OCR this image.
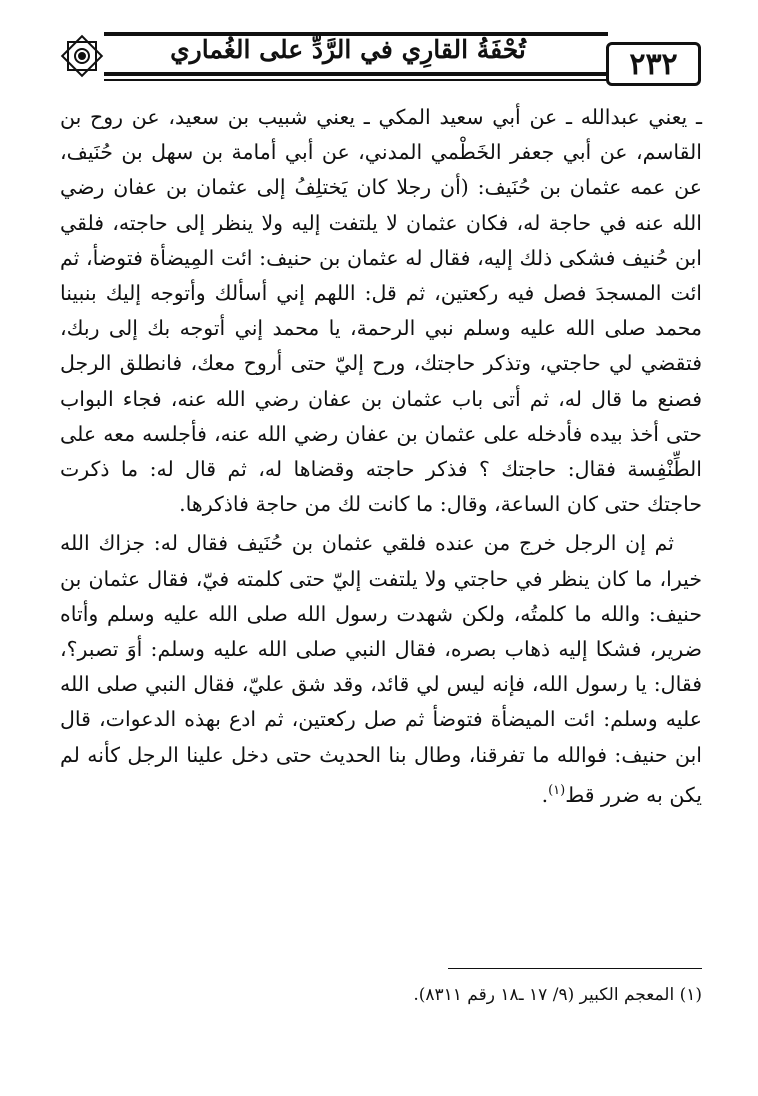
تُحْفَةُ القارِي في الرَّدِّ على الغُماري	٢٣٢

ـ يعني عبدالله ـ عن أبي سعيد المكي ـ يعني شبيب بن سعيد، عن روح بن القاسم، عن أبي جعفر الخَطْمي المدني، عن أبي أمامة بن سهل بن حُنَيف، عن عمه عثمان بن حُنَيف: (أن رجلا كان يَختلِفُ إلى عثمان بن عفان رضي الله عنه في حاجة له، فكان عثمان لا يلتفت إليه ولا ينظر إلى حاجته، فلقي ابن حُنيف فشكى ذلك إليه، فقال له عثمان بن حنيف: ائت المِيضأة فتوضأ، ثم ائت المسجدَ فصل فيه ركعتين، ثم قل: اللهم إني أسألك وأتوجه إليك بنبينا محمد صلى الله عليه وسلم نبي الرحمة، يا محمد إني أتوجه بك إلى ربك، فتقضي لي حاجتي، وتذكر حاجتك، ورح إليّ حتى أروح معك، فانطلق الرجل فصنع ما قال له، ثم أتى باب عثمان بن عفان رضي الله عنه، فجاء البواب حتى أخذ بيده فأدخله على عثمان بن عفان رضي الله عنه، فأجلسه معه على الطِّنْفِسة فقال: حاجتك ؟ فذكر حاجته وقضاها له، ثم قال له: ما ذكرت حاجتك حتى كان الساعة، وقال: ما كانت لك من حاجة فاذكرها.

ثم إن الرجل خرج من عنده فلقي عثمان بن حُنَيف فقال له: جزاك الله خيرا، ما كان ينظر في حاجتي ولا يلتفت إليّ حتى كلمته فيّ، فقال عثمان بن حنيف: والله ما كلمتُه، ولكن شهدت رسول الله صلى الله عليه وسلم وأتاه ضرير، فشكا إليه ذهاب بصره، فقال النبي صلى الله عليه وسلم: أوَ تصبر؟، فقال: يا رسول الله، فإنه ليس لي قائد، وقد شق عليّ، فقال النبي صلى الله عليه وسلم: ائت الميضأة فتوضأ ثم صل ركعتين، ثم ادع بهذه الدعوات، قال ابن حنيف: فوالله ما تفرقنا، وطال بنا الحديث حتى دخل علينا الرجل كأنه لم يكن به ضرر قط$^{(١)}$.

(١) المعجم الكبير (٩/ ١٧ ـ١٨ رقم ٨٣١١).
